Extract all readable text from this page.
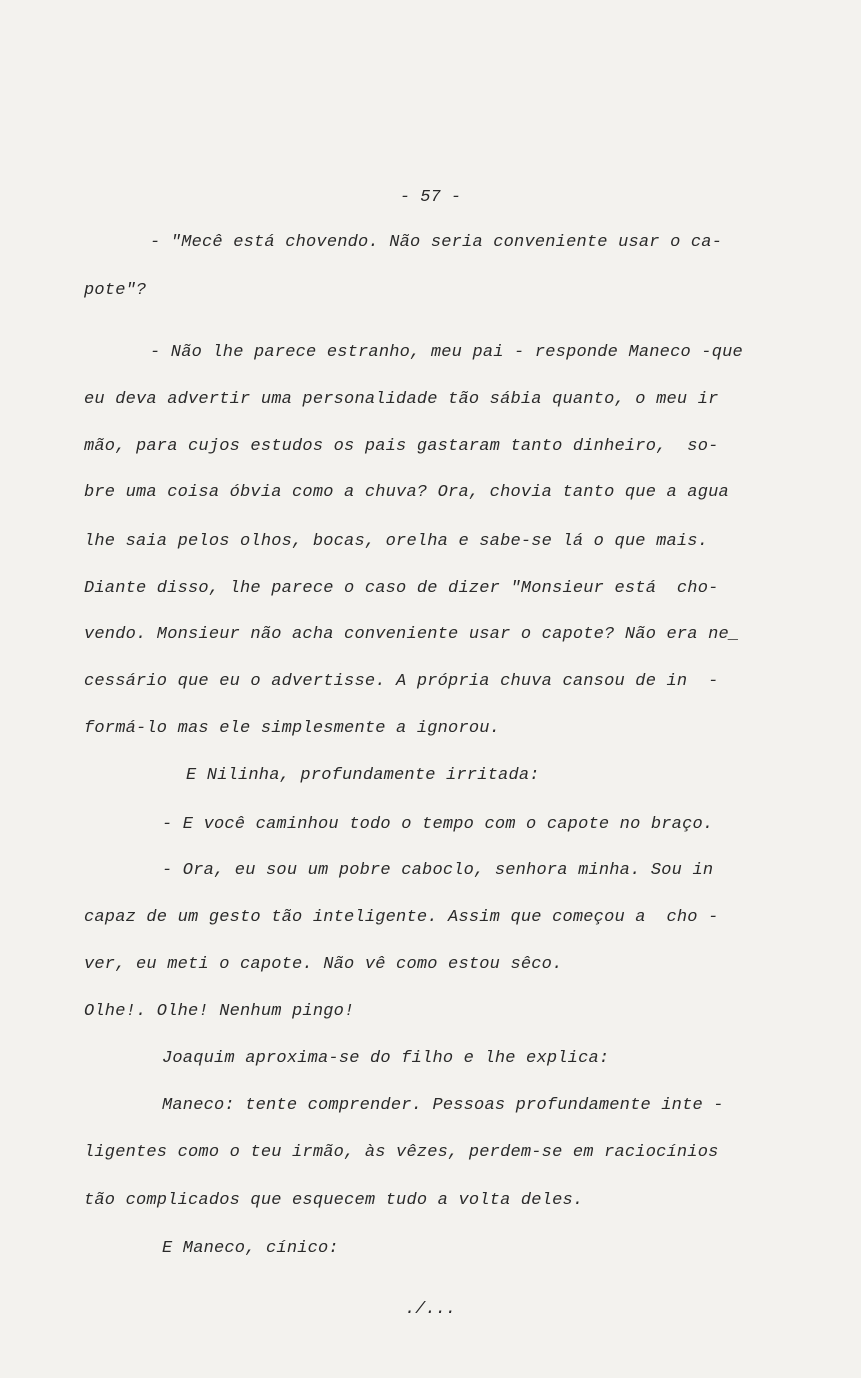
- 57 -
- "Mecê está chovendo. Não seria conveniente usar o ca-
pote"?
- Não lhe parece estranho, meu pai - responde Maneco -que
eu deva advertir uma personalidade tão sábia quanto, o meu ir
mão, para cujos estudos os pais gastaram tanto dinheiro,  so-
bre uma coisa óbvia como a chuva? Ora, chovia tanto que a agua
lhe saia pelos olhos, bocas, orelha e sabe-se lá o que mais.
Diante disso, lhe parece o caso de dizer "Monsieur está  cho-
vendo. Monsieur não acha conveniente usar o capote? Não era ne_
cessário que eu o advertisse. A própria chuva cansou de in  -
formá-lo mas ele simplesmente a ignorou.
E Nilinha, profundamente irritada:
- E você caminhou todo o tempo com o capote no braço.
- Ora, eu sou um pobre caboclo, senhora minha. Sou in
capaz de um gesto tão inteligente. Assim que começou a  cho -
ver, eu meti o capote. Não vê como estou sêco.
Olhe!. Olhe! Nenhum pingo!
Joaquim aproxima-se do filho e lhe explica:
Maneco: tente comprender. Pessoas profundamente inte -
ligentes como o teu irmão, às vêzes, perdem-se em raciocínios
tão complicados que esquecem tudo a volta deles.
E Maneco, cínico:
./...
